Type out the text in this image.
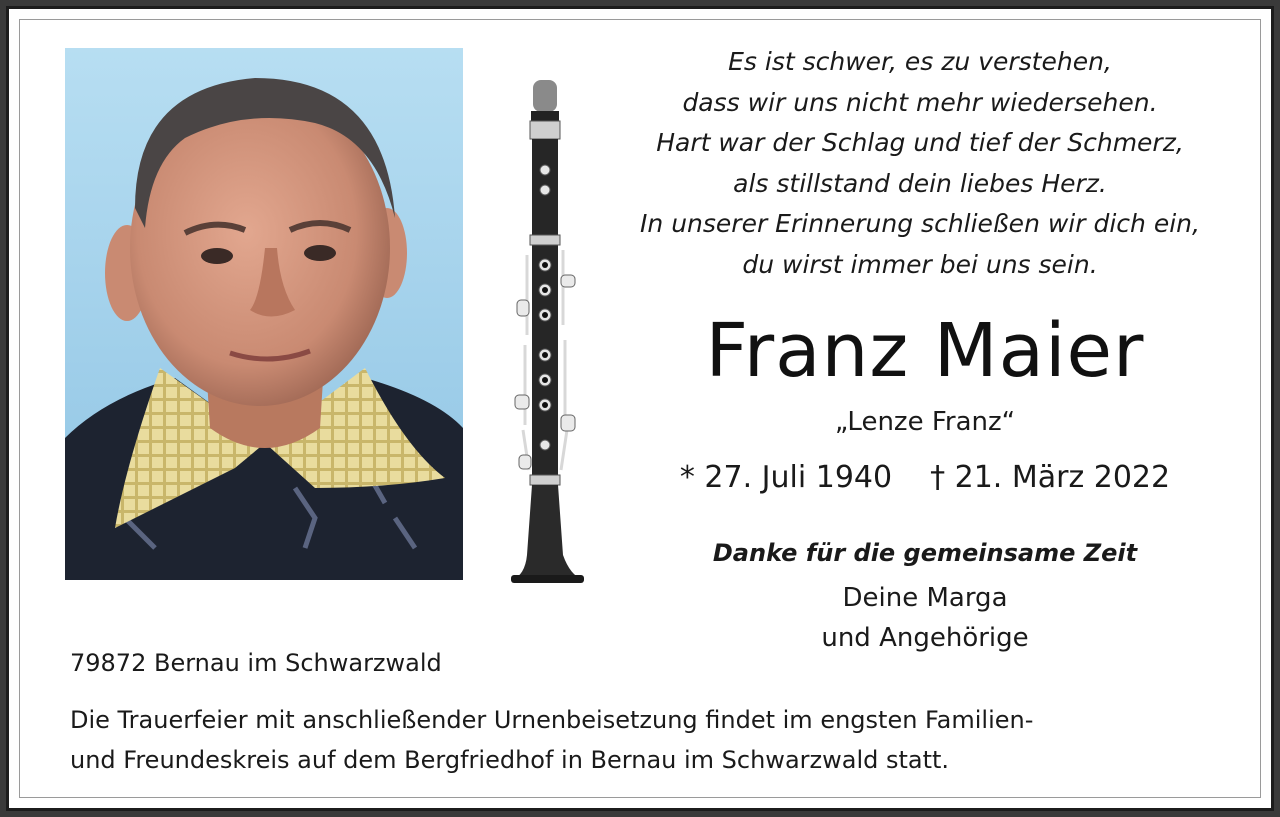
Es ist schwer, es zu verstehen,
dass wir uns nicht mehr wiedersehen.
Hart war der Schlag und tief der Schmerz,
als stillstand dein liebes Herz.
In unserer Erinnerung schließen wir dich ein,
du wirst immer bei uns sein.
Franz Maier
„Lenze Franz“
* 27. Juli 1940 † 21. März 2022
Danke für die gemeinsame Zeit
Deine Marga
und Angehörige
79872 Bernau im Schwarzwald
Die Trauerfeier mit anschließender Urnenbeisetzung findet im engsten Familien-
und Freundeskreis auf dem Bergfriedhof in Bernau im Schwarzwald statt.
